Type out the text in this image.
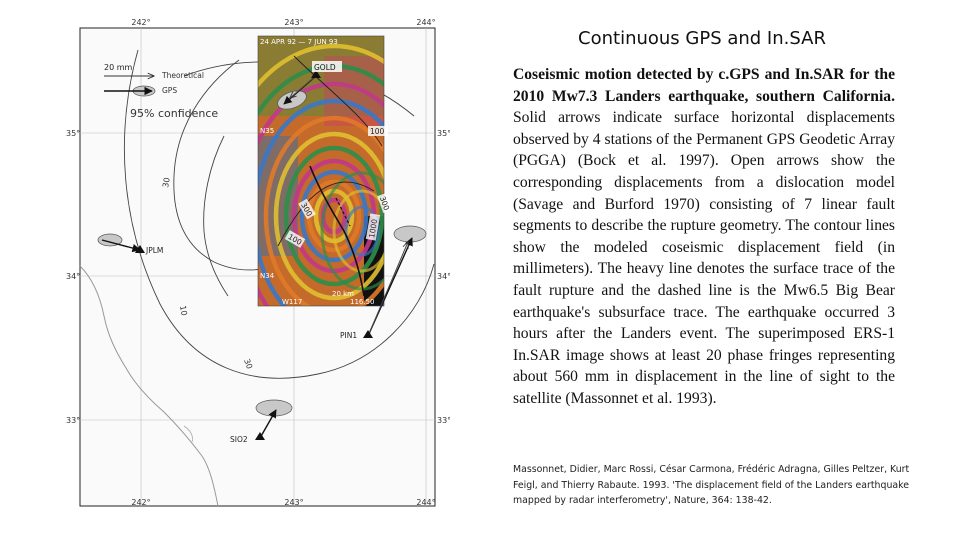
30
10
30
24 APR 92 — 7 JUN 93
N35
N34
W117	116.50
20 km
100
300
1000
300
100
20 mm
Theoretical
GPS
95% confidence
GOLD
JPLM
PIN1
SIO2
242°	243°	244°
242°	243°	244°
35°
34°
33°
35°
34°
33°
Continuous GPS and In.SAR

Coseismic motion detected by c.GPS and In.SAR for the 2010 Mw7.3 Landers earthquake, southern California. Solid arrows indicate surface horizontal displacements observed by 4 stations of the Permanent GPS Geodetic Array (PGGA) (Bock et al. 1997). Open arrows show the corresponding displacements from a dislocation model (Savage and Burford 1970) consisting of 7 linear fault segments to describe the rupture geometry. The contour lines show the modeled coseismic displacement field (in millimeters). The heavy line denotes the surface trace of the fault rupture and the dashed line is the Mw6.5 Big Bear earthquake's subsurface trace. The earthquake occurred 3 hours after the Landers event. The superimposed ERS-1 In.SAR image shows at least 20 phase fringes representing about 560 mm in displacement in the line of sight to the satellite (Massonnet et al. 1993).

Massonnet, Didier, Marc Rossi, César Carmona, Frédéric Adragna, Gilles Peltzer, Kurt Feigl, and Thierry Rabaute. 1993. 'The displacement field of the Landers earthquake mapped by radar interferometry', Nature, 364: 138-42.
